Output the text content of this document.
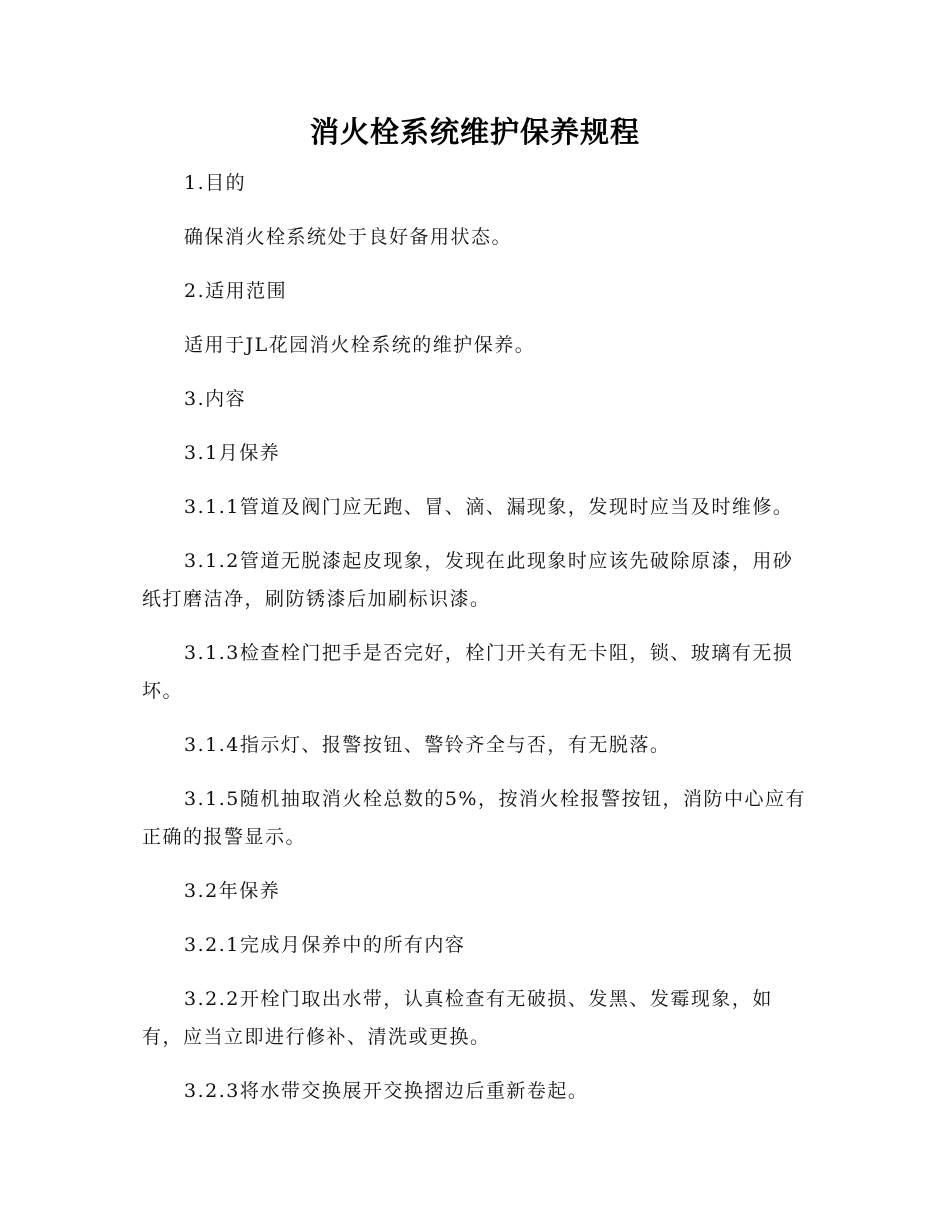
消火栓系统维护保养规程

1.目的

确保消火栓系统处于良好备用状态。

2.适用范围

适用于JL花园消火栓系统的维护保养。

3.内容

3.1月保养

3.1.1管道及阀门应无跑、冒、滴、漏现象，发现时应当及时维修。

3.1.2管道无脱漆起皮现象，发现在此现象时应该先破除原漆，用砂纸打磨洁净，刷防锈漆后加刷标识漆。

3.1.3检查栓门把手是否完好，栓门开关有无卡阻，锁、玻璃有无损坏。

3.1.4指示灯、报警按钮、警铃齐全与否，有无脱落。

3.1.5随机抽取消火栓总数的5%，按消火栓报警按钮，消防中心应有正确的报警显示。

3.2年保养

3.2.1完成月保养中的所有内容

3.2.2开栓门取出水带，认真检查有无破损、发黑、发霉现象，如有，应当立即进行修补、清洗或更换。

3.2.3将水带交换展开交换摺边后重新卷起。
